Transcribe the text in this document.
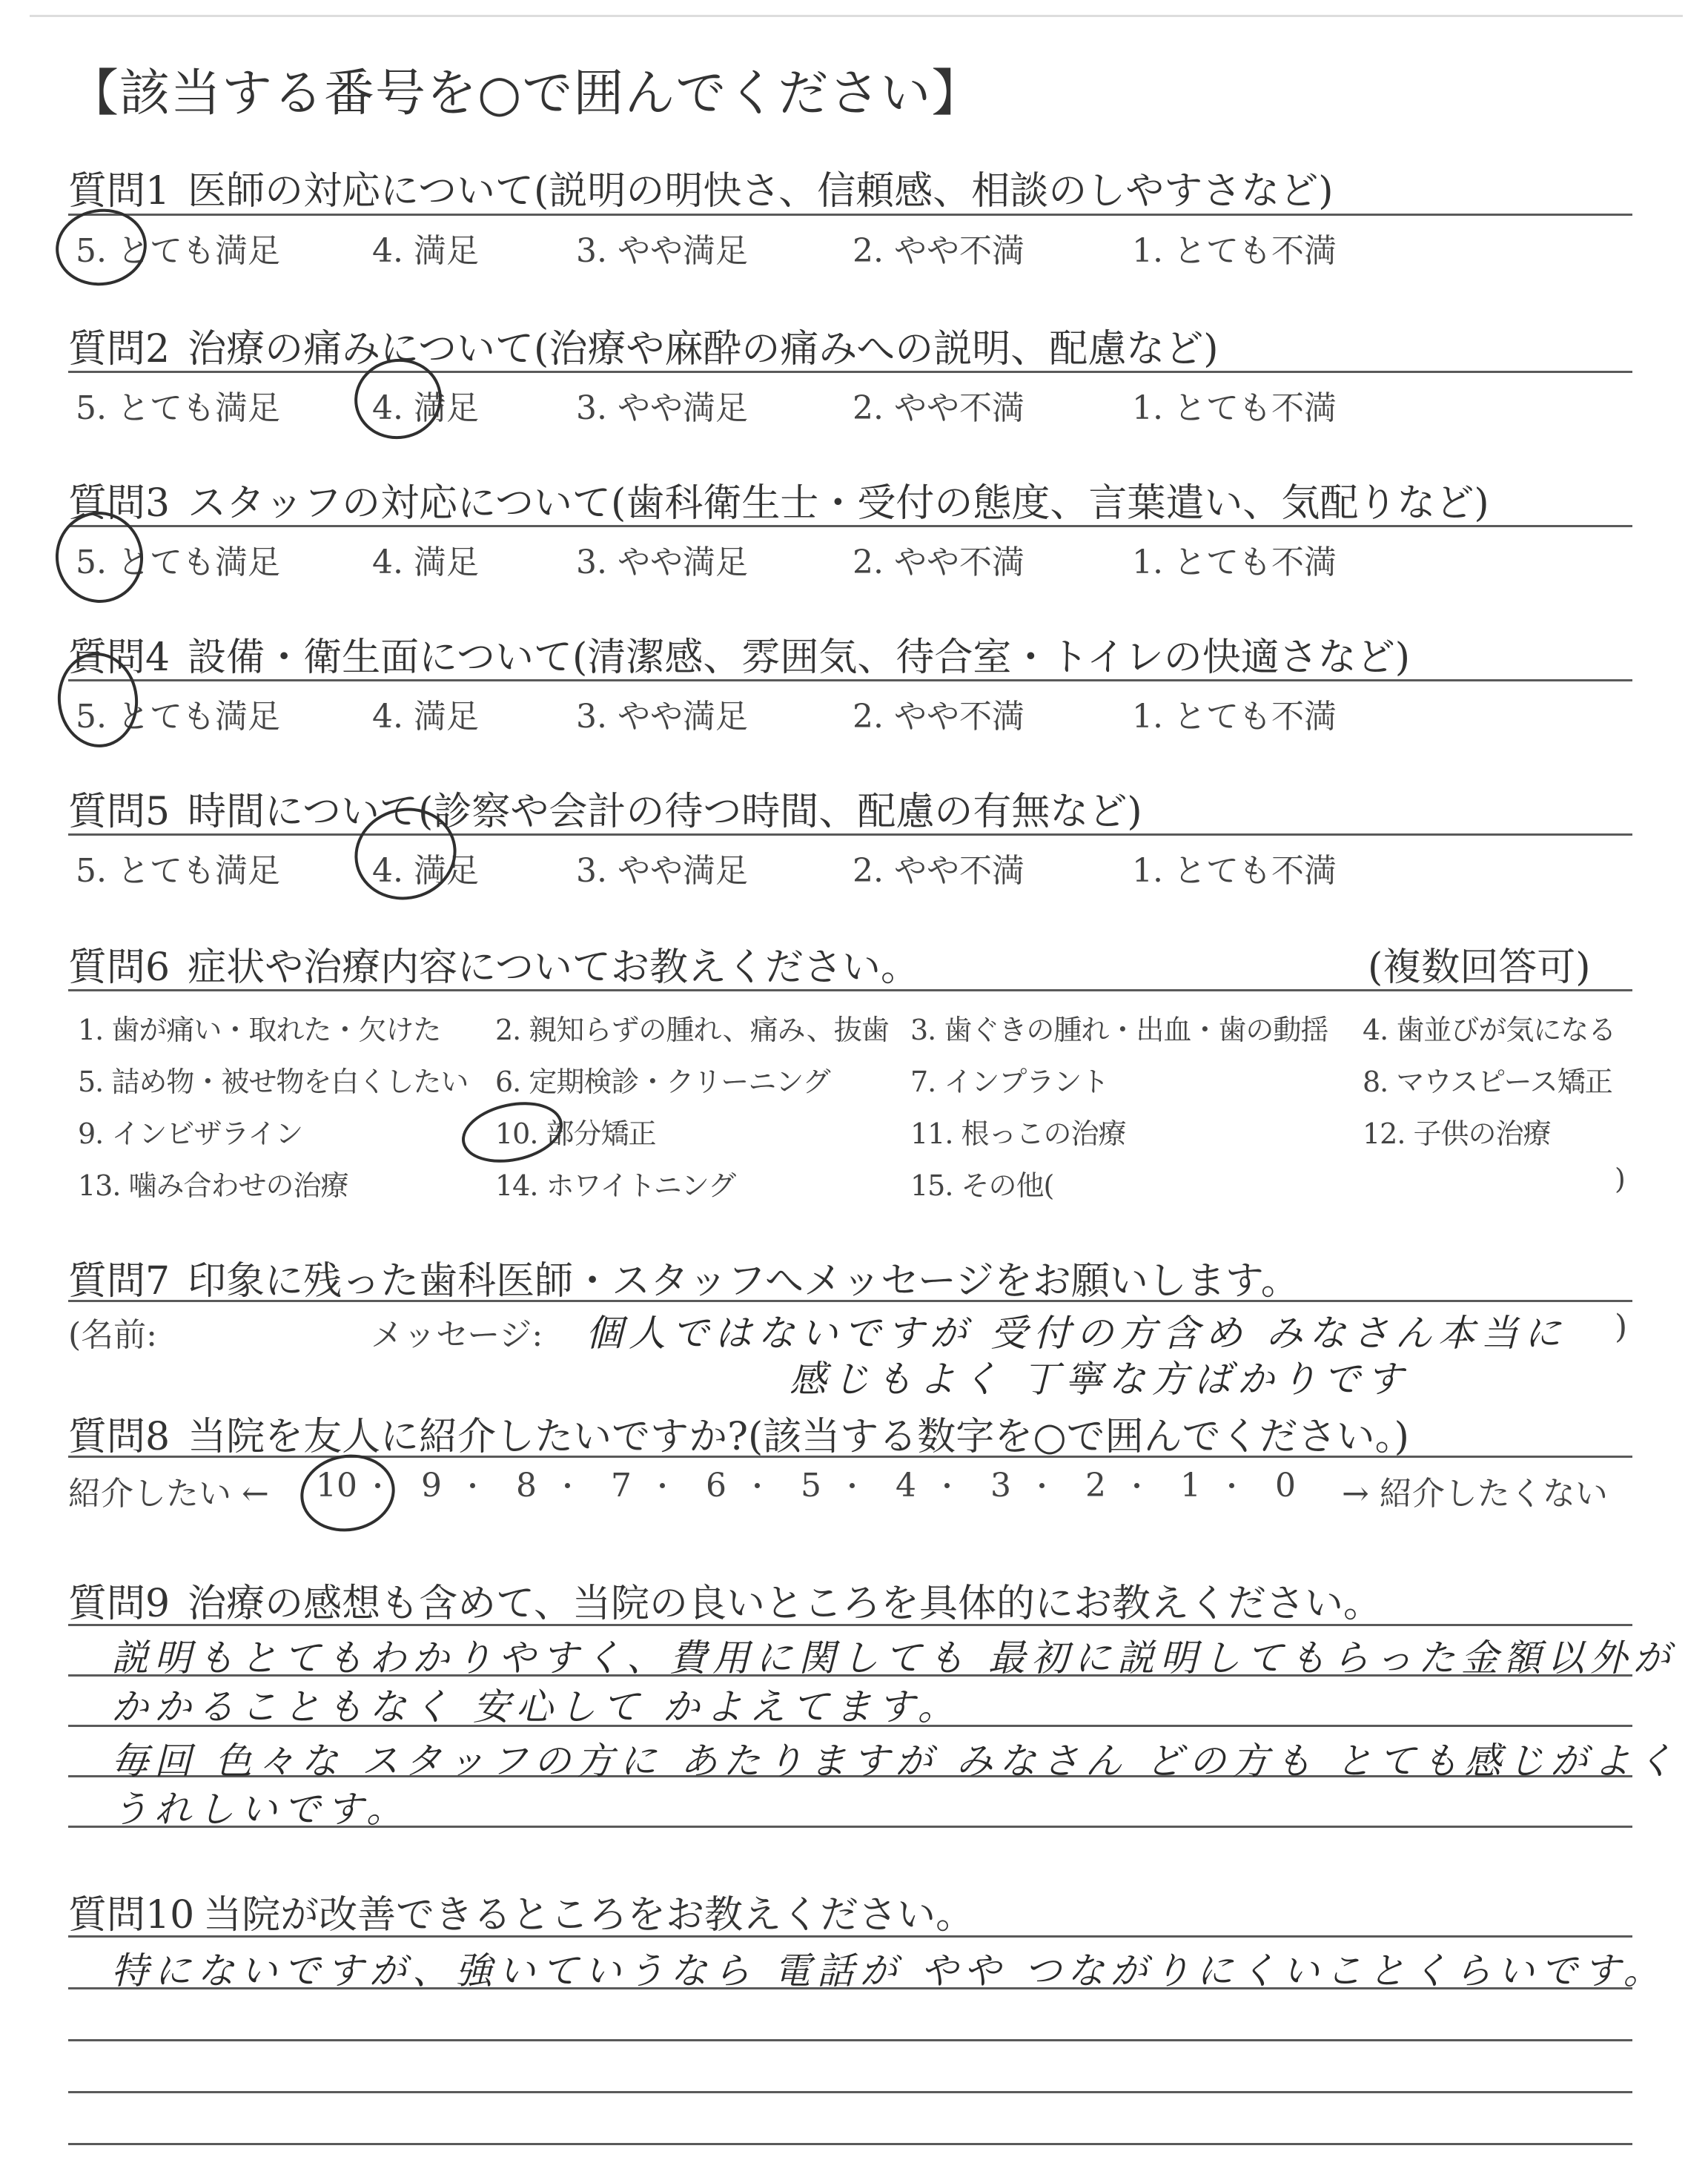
【該当する番号を○で囲んでください】
質問1 医師の対応について(説明の明快さ、信頼感、相談のしやすさなど)
5. とても満足	4. 満足	3. やや満足	2. やや不満	1. とても不満
質問2 治療の痛みについて(治療や麻酔の痛みへの説明、配慮など)
5. とても満足	4. 満足	3. やや満足	2. やや不満	1. とても不満
質問3 スタッフの対応について(歯科衛生士・受付の態度、言葉遣い、気配りなど)
5. とても満足	4. 満足	3. やや満足	2. やや不満	1. とても不満
質問4 設備・衛生面について(清潔感、雰囲気、待合室・トイレの快適さなど)
5. とても満足	4. 満足	3. やや満足	2. やや不満	1. とても不満
質問5 時間について(診察や会計の待つ時間、配慮の有無など)
5. とても満足	4. 満足	3. やや満足	2. やや不満	1. とても不満
質問6 症状や治療内容についてお教えください。	(複数回答可)
1. 歯が痛い・取れた・欠けた 2. 親知らずの腫れ、痛み、抜歯 3. 歯ぐきの腫れ・出血・歯の動揺 4. 歯並びが気になる
5. 詰め物・被せ物を白くしたい 6. 定期検診・クリーニング	7. インプラント	8. マウスピース矯正
9. インビザライン	10. 部分矯正	11. 根っこの治療	12. 子供の治療
13. 噛み合わせの治療	14. ホワイトニング	15. その他(	)
質問7 印象に残った歯科医師・スタッフへメッセージをお願いします。
(名前:	メッセージ:	)
個人ではないですが 受付の方含め みなさん本当に
感じもよく 丁寧な方ばかりです
質問8 当院を友人に紹介したいですか?(該当する数字を○で囲んでください。)
紹介したい ←	→ 紹介したくない
10 9 8 7 6 5 4 3 2 1 0
質問9 治療の感想も含めて、当院の良いところを具体的にお教えください。
説明もとてもわかりやすく、費用に関しても 最初に説明してもらった金額以外が
かかることもなく 安心して かよえてます。
毎回 色々な スタッフの方に あたりますが みなさん どの方も とても感じがよく
うれしいです。
質問10 当院が改善できるところをお教えください。
特にないですが、強いていうなら 電話が やや つながりにくいことくらいです。
